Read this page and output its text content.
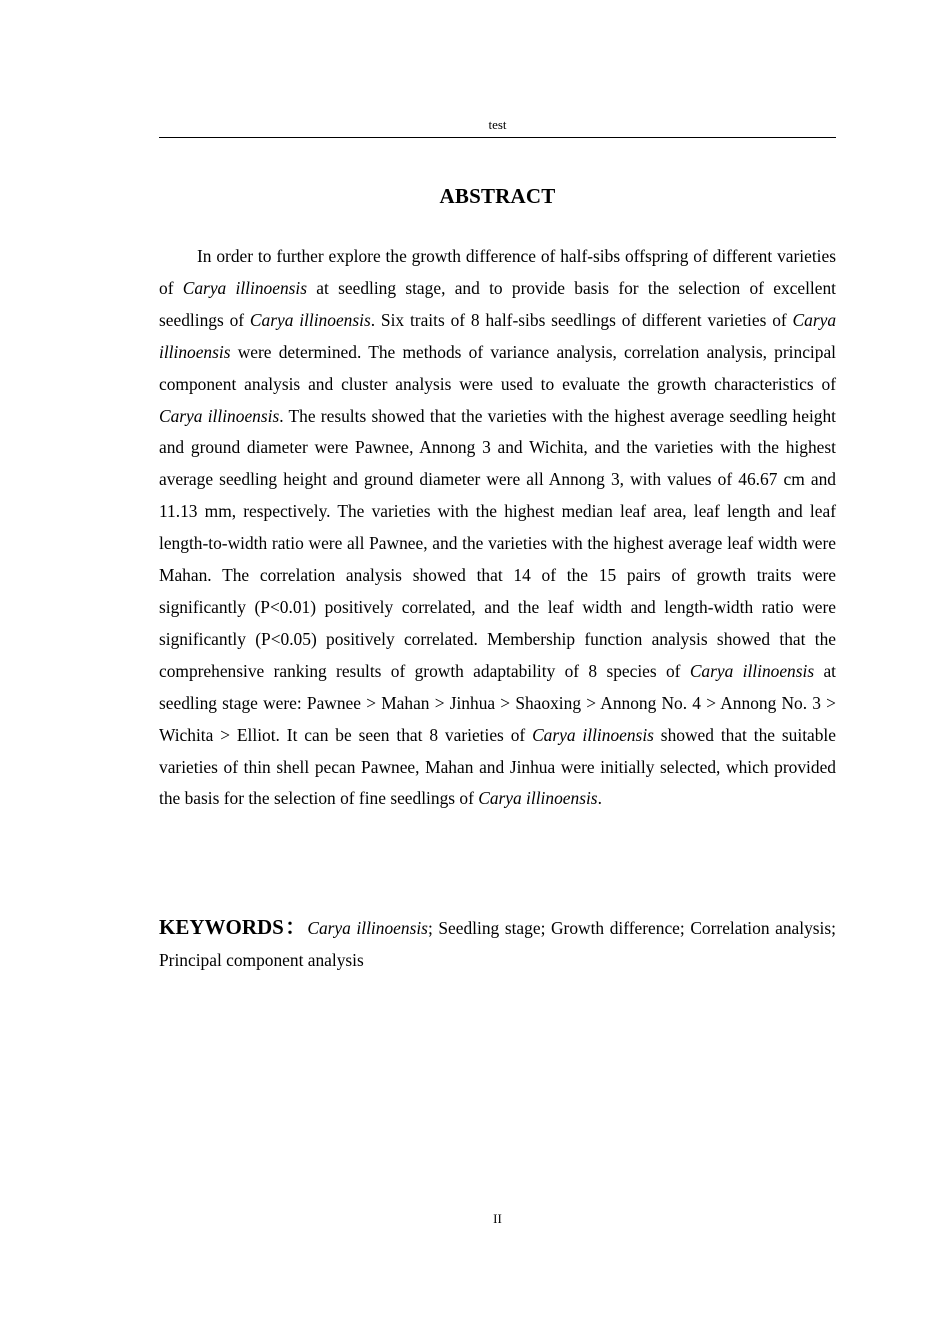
test
ABSTRACT

In order to further explore the growth difference of half-sibs offspring of different varieties of Carya illinoensis at seedling stage, and to provide basis for the selection of excellent seedlings of Carya illinoensis. Six traits of 8 half-sibs seedlings of different varieties of Carya illinoensis were determined. The methods of variance analysis, correlation analysis, principal component analysis and cluster analysis were used to evaluate the growth characteristics of Carya illinoensis. The results showed that the varieties with the highest average seedling height and ground diameter were Pawnee, Annong 3 and Wichita, and the varieties with the highest average seedling height and ground diameter were all Annong 3, with values of 46.67 cm and 11.13 mm, respectively. The varieties with the highest median leaf area, leaf length and leaf length-to-width ratio were all Pawnee, and the varieties with the highest average leaf width were Mahan. The correlation analysis showed that 14 of the 15 pairs of growth traits were significantly (P<0.01) positively correlated, and the leaf width and length-width ratio were significantly (P<0.05) positively correlated. Membership function analysis showed that the comprehensive ranking results of growth adaptability of 8 species of Carya illinoensis at seedling stage were: Pawnee > Mahan > Jinhua > Shaoxing > Annong No. 4 > Annong No. 3 > Wichita > Elliot. It can be seen that 8 varieties of Carya illinoensis showed that the suitable varieties of thin shell pecan Pawnee, Mahan and Jinhua were initially selected, which provided the basis for the selection of fine seedlings of Carya illinoensis.

KEYWORDS：Carya illinoensis; Seedling stage; Growth difference; Correlation analysis; Principal component analysis

II
